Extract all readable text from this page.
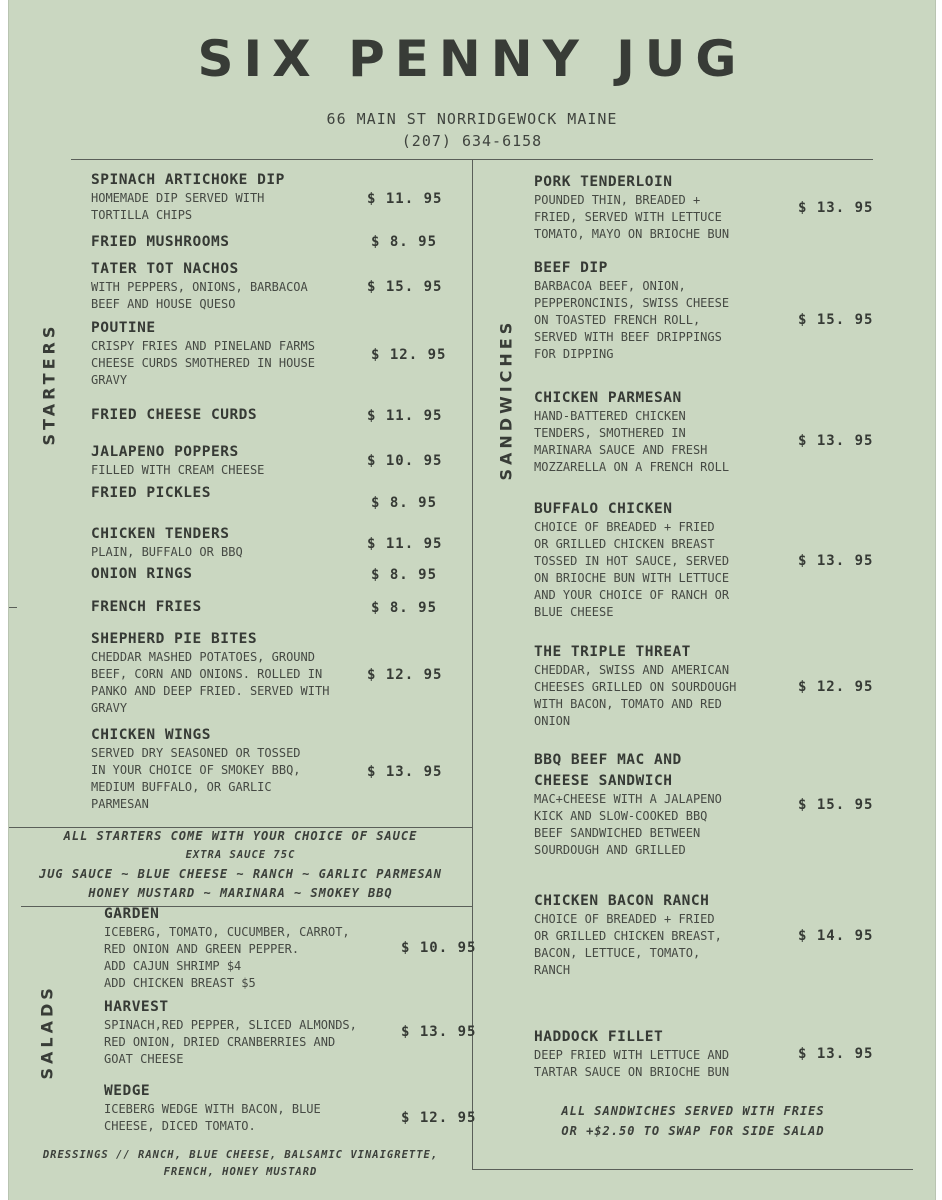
SIX PENNY JUG
66 MAIN ST NORRIDGEWOCK MAINE
(207) 634-6158
STARTERS	SANDWICHES
SALADS
SPINACH ARTICHOKE DIP
HOMEMADE DIP SERVED WITH
TORTILLA CHIPS
$ 11. 95
FRIED MUSHROOMS	$ 8. 95
TATER TOT NACHOS
WITH PEPPERS, ONIONS, BARBACOA
BEEF AND HOUSE QUESO
$ 15. 95
POUTINE
CRISPY FRIES AND PINELAND FARMS
CHEESE CURDS SMOTHERED IN HOUSE
GRAVY
$ 12. 95
FRIED CHEESE CURDS	$ 11. 95
JALAPENO POPPERS
FILLED WITH CREAM CHEESE
$ 10. 95
FRIED PICKLES
$ 8. 95
CHICKEN TENDERS
PLAIN, BUFFALO OR BBQ	$ 11. 95
ONION RINGS	$ 8. 95
FRENCH FRIES	$ 8. 95
SHEPHERD PIE BITES
CHEDDAR MASHED POTATOES, GROUND
BEEF, CORN AND ONIONS. ROLLED IN
PANKO AND DEEP FRIED. SERVED WITH
GRAVY
$ 12. 95
CHICKEN WINGS
SERVED DRY SEASONED OR TOSSED
IN YOUR CHOICE OF SMOKEY BBQ,
MEDIUM BUFFALO, OR GARLIC
PARMESAN
$ 13. 95
GARDEN
ICEBERG, TOMATO, CUCUMBER, CARROT,
RED ONION AND GREEN PEPPER.
ADD CAJUN SHRIMP $4
ADD CHICKEN BREAST $5
$ 10. 95
HARVEST
SPINACH,RED PEPPER, SLICED ALMONDS,
RED ONION, DRIED CRANBERRIES AND
GOAT CHEESE
$ 13. 95
WEDGE
ICEBERG WEDGE WITH BACON, BLUE
CHEESE, DICED TOMATO.	$ 12. 95
PORK TENDERLOIN
POUNDED THIN, BREADED +
FRIED, SERVED WITH LETTUCE
TOMATO, MAYO ON BRIOCHE BUN
$ 13. 95
BEEF DIP
BARBACOA BEEF, ONION,
PEPPERONCINIS, SWISS CHEESE
ON TOASTED FRENCH ROLL,
SERVED WITH BEEF DRIPPINGS
FOR DIPPING
$ 15. 95
CHICKEN PARMESAN
HAND-BATTERED CHICKEN
TENDERS, SMOTHERED IN
MARINARA SAUCE AND FRESH
MOZZARELLA ON A FRENCH ROLL
$ 13. 95
BUFFALO CHICKEN
CHOICE OF BREADED + FRIED
OR GRILLED CHICKEN BREAST
TOSSED IN HOT SAUCE, SERVED
ON BRIOCHE BUN WITH LETTUCE
AND YOUR CHOICE OF RANCH OR
BLUE CHEESE
$ 13. 95
THE TRIPLE THREAT
CHEDDAR, SWISS AND AMERICAN
CHEESES GRILLED ON SOURDOUGH
WITH BACON, TOMATO AND RED
ONION
$ 12. 95
BBQ BEEF MAC AND
CHEESE SANDWICH
MAC+CHEESE WITH A JALAPENO
KICK AND SLOW-COOKED BBQ
BEEF SANDWICHED BETWEEN
SOURDOUGH AND GRILLED
$ 15. 95
CHICKEN BACON RANCH
CHOICE OF BREADED + FRIED
OR GRILLED CHICKEN BREAST,
BACON, LETTUCE, TOMATO,
RANCH
$ 14. 95
HADDOCK FILLET
DEEP FRIED WITH LETTUCE AND
TARTAR SAUCE ON BRIOCHE BUN
$ 13. 95
ALL STARTERS COME WITH YOUR CHOICE OF SAUCE
EXTRA SAUCE 75C
JUG SAUCE ~ BLUE CHEESE ~ RANCH ~ GARLIC PARMESAN
HONEY MUSTARD ~ MARINARA ~ SMOKEY BBQ
DRESSINGS // RANCH, BLUE CHEESE, BALSAMIC VINAIGRETTE,
FRENCH, HONEY MUSTARD
ALL SANDWICHES SERVED WITH FRIES
OR +$2.50 TO SWAP FOR SIDE SALAD
